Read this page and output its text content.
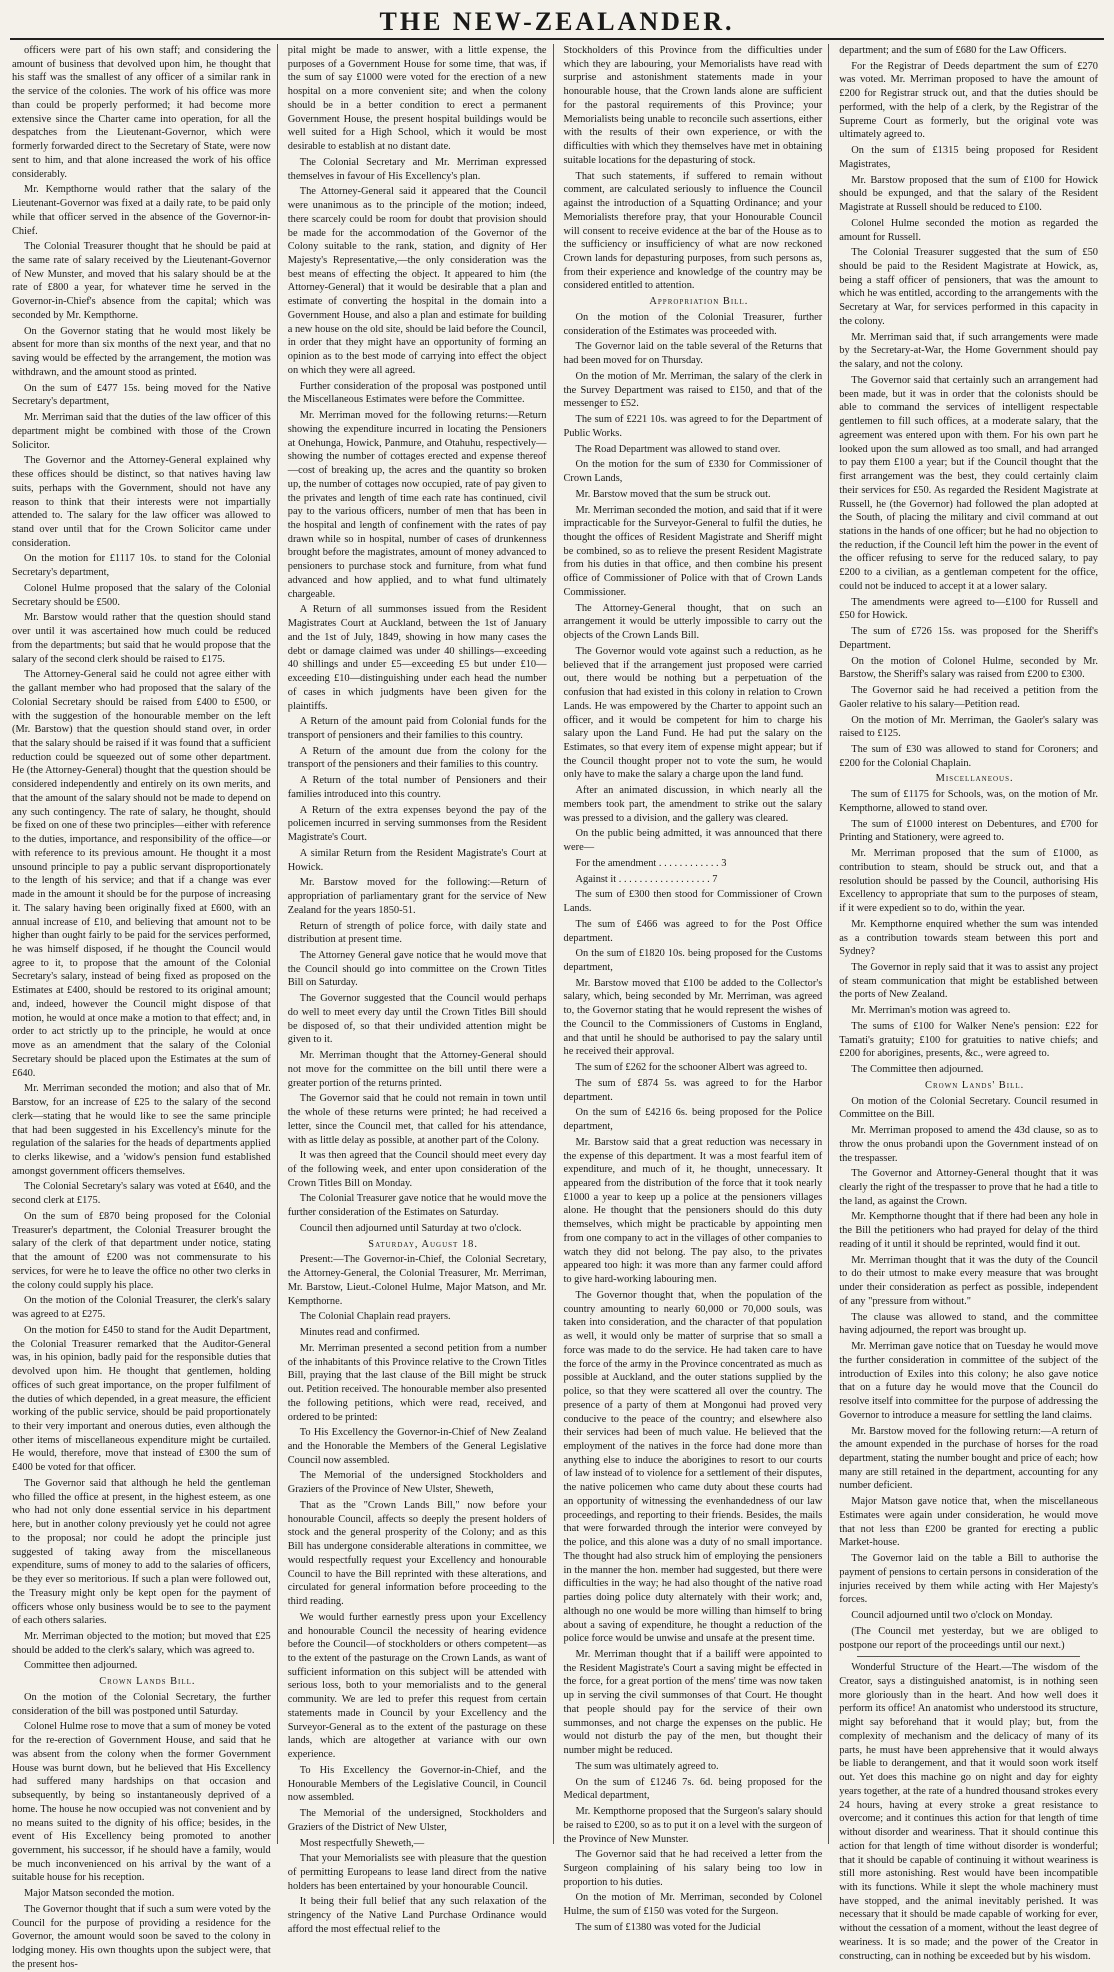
THE NEW-ZEALANDER.

officers were part of his own staff; and considering the amount of business that devolved upon him, he thought that his staff was the smallest of any officer of a similar rank in the service of the colonies. The work of his office was more than could be properly performed; it had become more extensive since the Charter came into operation, for all the despatches from the Lieutenant-Governor, which were formerly forwarded direct to the Secretary of State, were now sent to him, and that alone increased the work of his office considerably.

Mr. Kempthorne would rather that the salary of the Lieutenant-Governor was fixed at a daily rate, to be paid only while that officer served in the absence of the Governor-in-Chief.

The Colonial Treasurer thought that he should be paid at the same rate of salary received by the Lieutenant-Governor of New Munster, and moved that his salary should be at the rate of £800 a year, for whatever time he served in the Governor-in-Chief's absence from the capital; which was seconded by Mr. Kempthorne.

On the Governor stating that he would most likely be absent for more than six months of the next year, and that no saving would be effected by the arrangement, the motion was withdrawn, and the amount stood as printed.

On the sum of £477 15s. being moved for the Native Secretary's department,

Mr. Merriman said that the duties of the law officer of this department might be combined with those of the Crown Solicitor.

The Governor and the Attorney-General explained why these offices should be distinct, so that natives having law suits, perhaps with the Government, should not have any reason to think that their interests were not impartially attended to. The salary for the law officer was allowed to stand over until that for the Crown Solicitor came under consideration.

On the motion for £1117 10s. to stand for the Colonial Secretary's department,

Colonel Hulme proposed that the salary of the Colonial Secretary should be £500.

Mr. Barstow would rather that the question should stand over until it was ascertained how much could be reduced from the departments; but said that he would propose that the salary of the second clerk should be raised to £175.

The Attorney-General said he could not agree either with the gallant member who had proposed that the salary of the Colonial Secretary should be raised from £400 to £500, or with the suggestion of the honourable member on the left (Mr. Barstow) that the question should stand over, in order that the salary should be raised if it was found that a sufficient reduction could be squeezed out of some other department. He (the Attorney-General) thought that the question should be considered independently and entirely on its own merits, and that the amount of the salary should not be made to depend on any such contingency. The rate of salary, he thought, should be fixed on one of these two principles—either with reference to the duties, importance, and responsibility of the office—or with reference to its previous amount. He thought it a most unsound principle to pay a public servant disproportionately to the length of his service; and that if a change was ever made in the amount it should be for the purpose of increasing it. The salary having been originally fixed at £600, with an annual increase of £10, and believing that amount not to be higher than ought fairly to be paid for the services performed, he was himself disposed, if he thought the Council would agree to it, to propose that the amount of the Colonial Secretary's salary, instead of being fixed as proposed on the Estimates at £400, should be restored to its original amount; and, indeed, however the Council might dispose of that motion, he would at once make a motion to that effect; and, in order to act strictly up to the principle, he would at once move as an amendment that the salary of the Colonial Secretary should be placed upon the Estimates at the sum of £640.

Mr. Merriman seconded the motion; and also that of Mr. Barstow, for an increase of £25 to the salary of the second clerk—stating that he would like to see the same principle that had been suggested in his Excellency's minute for the regulation of the salaries for the heads of departments applied to clerks likewise, and a 'widow's pension fund established amongst government officers themselves.

The Colonial Secretary's salary was voted at £640, and the second clerk at £175.

On the sum of £870 being proposed for the Colonial Treasurer's department, the Colonial Treasurer brought the salary of the clerk of that department under notice, stating that the amount of £200 was not commensurate to his services, for were he to leave the office no other two clerks in the colony could supply his place.

On the motion of the Colonial Treasurer, the clerk's salary was agreed to at £275.

On the motion for £450 to stand for the Audit Department, the Colonial Treasurer remarked that the Auditor-General was, in his opinion, badly paid for the responsible duties that devolved upon him. He thought that gentlemen, holding offices of such great importance, on the proper fulfilment of the duties of which depended, in a great measure, the efficient working of the public service, should be paid proportionately to their very important and onerous duties, even although the other items of miscellaneous expenditure might be curtailed. He would, therefore, move that instead of £300 the sum of £400 be voted for that officer.

The Governor said that although he held the gentleman who filled the office at present, in the highest esteem, as one who had not only done essential service in his department here, but in another colony previously yet he could not agree to the proposal; nor could he adopt the principle just suggested of taking away from the miscellaneous expenditure, sums of money to add to the salaries of officers, be they ever so meritorious. If such a plan were followed out, the Treasury might only be kept open for the payment of officers whose only business would be to see to the payment of each others salaries.

Mr. Merriman objected to the motion; but moved that £25 should be added to the clerk's salary, which was agreed to.

Committee then adjourned.

Crown Lands Bill.

On the motion of the Colonial Secretary, the further consideration of the bill was postponed until Saturday.

Colonel Hulme rose to move that a sum of money be voted for the re-erection of Government House, and said that he was absent from the colony when the former Government House was burnt down, but he believed that His Excellency had suffered many hardships on that occasion and subsequently, by being so instantaneously deprived of a home. The house he now occupied was not convenient and by no means suited to the dignity of his office; besides, in the event of His Excellency being promoted to another government, his successor, if he should have a family, would be much inconvenienced on his arrival by the want of a suitable house for his reception.

Major Matson seconded the motion.

The Governor thought that if such a sum were voted by the Council for the purpose of providing a residence for the Governor, the amount would soon be saved to the colony in lodging money. His own thoughts upon the subject were, that the present hos-

pital might be made to answer, with a little expense, the purposes of a Government House for some time, that was, if the sum of say £1000 were voted for the erection of a new hospital on a more convenient site; and when the colony should be in a better condition to erect a permanent Government House, the present hospital buildings would be well suited for a High School, which it would be most desirable to establish at no distant date.

The Colonial Secretary and Mr. Merriman expressed themselves in favour of His Excellency's plan.

The Attorney-General said it appeared that the Council were unanimous as to the principle of the motion; indeed, there scarcely could be room for doubt that provision should be made for the accommodation of the Governor of the Colony suitable to the rank, station, and dignity of Her Majesty's Representative,—the only consideration was the best means of effecting the object. It appeared to him (the Attorney-General) that it would be desirable that a plan and estimate of converting the hospital in the domain into a Government House, and also a plan and estimate for building a new house on the old site, should be laid before the Council, in order that they might have an opportunity of forming an opinion as to the best mode of carrying into effect the object on which they were all agreed.

Further consideration of the proposal was postponed until the Miscellaneous Estimates were before the Committee.

Mr. Merriman moved for the following returns:—Return showing the expenditure incurred in locating the Pensioners at Onehunga, Howick, Panmure, and Otahuhu, respectively—showing the number of cottages erected and expense thereof—cost of breaking up, the acres and the quantity so broken up, the number of cottages now occupied, rate of pay given to the privates and length of time each rate has continued, civil pay to the various officers, number of men that has been in the hospital and length of confinement with the rates of pay drawn while so in hospital, number of cases of drunkenness brought before the magistrates, amount of money advanced to pensioners to purchase stock and furniture, from what fund advanced and how applied, and to what fund ultimately chargeable.

A Return of all summonses issued from the Resident Magistrates Court at Auckland, between the 1st of January and the 1st of July, 1849, showing in how many cases the debt or damage claimed was under 40 shillings—exceeding 40 shillings and under £5—exceeding £5 but under £10—exceeding £10—distinguishing under each head the number of cases in which judgments have been given for the plaintiffs.

A Return of the amount paid from Colonial funds for the transport of pensioners and their families to this country.

A Return of the amount due from the colony for the transport of the pensioners and their families to this country.

A Return of the total number of Pensioners and their families introduced into this country.

A Return of the extra expenses beyond the pay of the policemen incurred in serving summonses from the Resident Magistrate's Court.

A similar Return from the Resident Magistrate's Court at Howick.

Mr. Barstow moved for the following:—Return of appropriation of parliamentary grant for the service of New Zealand for the years 1850-51.

Return of strength of police force, with daily state and distribution at present time.

The Attorney General gave notice that he would move that the Council should go into committee on the Crown Titles Bill on Saturday.

The Governor suggested that the Council would perhaps do well to meet every day until the Crown Titles Bill should be disposed of, so that their undivided attention might be given to it.

Mr. Merriman thought that the Attorney-General should not move for the committee on the bill until there were a greater portion of the returns printed.

The Governor said that he could not remain in town until the whole of these returns were printed; he had received a letter, since the Council met, that called for his attendance, with as little delay as possible, at another part of the Colony.

It was then agreed that the Council should meet every day of the following week, and enter upon consideration of the Crown Titles Bill on Monday.

The Colonial Treasurer gave notice that he would move the further consideration of the Estimates on Saturday.

Council then adjourned until Saturday at two o'clock.

Saturday, August 18.

Present:—The Governor-in-Chief, the Colonial Secretary, the Attorney-General, the Colonial Treasurer, Mr. Merriman, Mr. Barstow, Lieut.-Colonel Hulme, Major Matson, and Mr. Kempthorne.

The Colonial Chaplain read prayers.

Minutes read and confirmed.

Mr. Merriman presented a second petition from a number of the inhabitants of this Province relative to the Crown Titles Bill, praying that the last clause of the Bill might be struck out. Petition received. The honourable member also presented the following petitions, which were read, received, and ordered to be printed:

To His Excellency the Governor-in-Chief of New Zealand and the Honorable the Members of the General Legislative Council now assembled.

The Memorial of the undersigned Stockholders and Graziers of the Province of New Ulster, Sheweth,

That as the "Crown Lands Bill," now before your honourable Council, affects so deeply the present holders of stock and the general prosperity of the Colony; and as this Bill has undergone considerable alterations in committee, we would respectfully request your Excellency and honourable Council to have the Bill reprinted with these alterations, and circulated for general information before proceeding to the third reading.

We would further earnestly press upon your Excellency and honourable Council the necessity of hearing evidence before the Council—of stockholders or others competent—as to the extent of the pasturage on the Crown Lands, as want of sufficient information on this subject will be attended with serious loss, both to your memorialists and to the general community. We are led to prefer this request from certain statements made in Council by your Excellency and the Surveyor-General as to the extent of the pasturage on these lands, which are altogether at variance with our own experience.

To His Excellency the Governor-in-Chief, and the Honourable Members of the Legislative Council, in Council now assembled.

The Memorial of the undersigned, Stockholders and Graziers of the District of New Ulster,

Most respectfully Sheweth,—

That your Memorialists see with pleasure that the question of permitting Europeans to lease land direct from the native holders has been entertained by your honourable Council.

It being their full belief that any such relaxation of the stringency of the Native Land Purchase Ordinance would afford the most effectual relief to the

Stockholders of this Province from the difficulties under which they are labouring, your Memorialists have read with surprise and astonishment statements made in your honourable house, that the Crown lands alone are sufficient for the pastoral requirements of this Province; your Memorialists being unable to reconcile such assertions, either with the results of their own experience, or with the difficulties with which they themselves have met in obtaining suitable locations for the depasturing of stock.

That such statements, if suffered to remain without comment, are calculated seriously to influence the Council against the introduction of a Squatting Ordinance; and your Memorialists therefore pray, that your Honourable Council will consent to receive evidence at the bar of the House as to the sufficiency or insufficiency of what are now reckoned Crown lands for depasturing purposes, from such persons as, from their experience and knowledge of the country may be considered entitled to attention.

Appropriation Bill.

On the motion of the Colonial Treasurer, further consideration of the Estimates was proceeded with.

The Governor laid on the table several of the Returns that had been moved for on Thursday.

On the motion of Mr. Merriman, the salary of the clerk in the Survey Department was raised to £150, and that of the messenger to £52.

The sum of £221 10s. was agreed to for the Department of Public Works.

The Road Department was allowed to stand over.

On the motion for the sum of £330 for Commissioner of Crown Lands,

Mr. Barstow moved that the sum be struck out.

Mr. Merriman seconded the motion, and said that if it were impracticable for the Surveyor-General to fulfil the duties, he thought the offices of Resident Magistrate and Sheriff might be combined, so as to relieve the present Resident Magistrate from his duties in that office, and then combine his present office of Commissioner of Police with that of Crown Lands Commissioner.

The Attorney-General thought, that on such an arrangement it would be utterly impossible to carry out the objects of the Crown Lands Bill.

The Governor would vote against such a reduction, as he believed that if the arrangement just proposed were carried out, there would be nothing but a perpetuation of the confusion that had existed in this colony in relation to Crown Lands. He was empowered by the Charter to appoint such an officer, and it would be competent for him to charge his salary upon the Land Fund. He had put the salary on the Estimates, so that every item of expense might appear; but if the Council thought proper not to vote the sum, he would only have to make the salary a charge upon the land fund.

After an animated discussion, in which nearly all the members took part, the amendment to strike out the salary was pressed to a division, and the gallery was cleared.

On the public being admitted, it was announced that there were—

For the amendment . . . . . . . . . . . . 3

Against it . . . . . . . . . . . . . . . . . . 7

The sum of £300 then stood for Commissioner of Crown Lands.

The sum of £466 was agreed to for the Post Office department.

On the sum of £1820 10s. being proposed for the Customs department,

Mr. Barstow moved that £100 be added to the Collector's salary, which, being seconded by Mr. Merriman, was agreed to, the Governor stating that he would represent the wishes of the Council to the Commissioners of Customs in England, and that until he should be authorised to pay the salary until he received their approval.

The sum of £262 for the schooner Albert was agreed to.

The sum of £874 5s. was agreed to for the Harbor department.

On the sum of £4216 6s. being proposed for the Police department,

Mr. Barstow said that a great reduction was necessary in the expense of this department. It was a most fearful item of expenditure, and much of it, he thought, unnecessary. It appeared from the distribution of the force that it took nearly £1000 a year to keep up a police at the pensioners villages alone. He thought that the pensioners should do this duty themselves, which might be practicable by appointing men from one company to act in the villages of other companies to watch they did not belong. The pay also, to the privates appeared too high: it was more than any farmer could afford to give hard-working labouring men.

The Governor thought that, when the population of the country amounting to nearly 60,000 or 70,000 souls, was taken into consideration, and the character of that population as well, it would only be matter of surprise that so small a force was made to do the service. He had taken care to have the force of the army in the Province concentrated as much as possible at Auckland, and the outer stations supplied by the police, so that they were scattered all over the country. The presence of a party of them at Mongonui had proved very conducive to the peace of the country; and elsewhere also their services had been of much value. He believed that the employment of the natives in the force had done more than anything else to induce the aborigines to resort to our courts of law instead of to violence for a settlement of their disputes, the native policemen who came duty about these courts had an opportunity of witnessing the evenhandedness of our law proceedings, and reporting to their friends. Besides, the mails that were forwarded through the interior were conveyed by the police, and this alone was a duty of no small importance. The thought had also struck him of employing the pensioners in the manner the hon. member had suggested, but there were difficulties in the way; he had also thought of the native road parties doing police duty alternately with their work; and, although no one would be more willing than himself to bring about a saving of expenditure, he thought a reduction of the police force would be unwise and unsafe at the present time.

Mr. Merriman thought that if a bailiff were appointed to the Resident Magistrate's Court a saving might be effected in the force, for a great portion of the mens' time was now taken up in serving the civil summonses of that Court. He thought that people should pay for the service of their own summonses, and not charge the expenses on the public. He would not disturb the pay of the men, but thought their number might be reduced.

The sum was ultimately agreed to.

On the sum of £1246 7s. 6d. being proposed for the Medical department,

Mr. Kempthorne proposed that the Surgeon's salary should be raised to £200, so as to put it on a level with the surgeon of the Province of New Munster.

The Governor said that he had received a letter from the Surgeon complaining of his salary being too low in proportion to his duties.

On the motion of Mr. Merriman, seconded by Colonel Hulme, the sum of £150 was voted for the Surgeon.

The sum of £1380 was voted for the Judicial

department; and the sum of £680 for the Law Officers.

For the Registrar of Deeds department the sum of £270 was voted. Mr. Merriman proposed to have the amount of £200 for Registrar struck out, and that the duties should be performed, with the help of a clerk, by the Registrar of the Supreme Court as formerly, but the original vote was ultimately agreed to.

On the sum of £1315 being proposed for Resident Magistrates,

Mr. Barstow proposed that the sum of £100 for Howick should be expunged, and that the salary of the Resident Magistrate at Russell should be reduced to £100.

Colonel Hulme seconded the motion as regarded the amount for Russell.

The Colonial Treasurer suggested that the sum of £50 should be paid to the Resident Magistrate at Howick, as, being a staff officer of pensioners, that was the amount to which he was entitled, according to the arrangements with the Secretary at War, for services performed in this capacity in the colony.

Mr. Merriman said that, if such arrangements were made by the Secretary-at-War, the Home Government should pay the salary, and not the colony.

The Governor said that certainly such an arrangement had been made, but it was in order that the colonists should be able to command the services of intelligent respectable gentlemen to fill such offices, at a moderate salary, that the agreement was entered upon with them. For his own part he looked upon the sum allowed as too small, and had arranged to pay them £100 a year; but if the Council thought that the first arrangement was the best, they could certainly claim their services for £50. As regarded the Resident Magistrate at Russell, he (the Governor) had followed the plan adopted at the South, of placing the military and civil command at out stations in the hands of one officer; but he had no objection to the reduction, if the Council left him the power in the event of the officer refusing to serve for the reduced salary, to pay £200 to a civilian, as a gentleman competent for the office, could not be induced to accept it at a lower salary.

The amendments were agreed to—£100 for Russell and £50 for Howick.

The sum of £726 15s. was proposed for the Sheriff's Department.

On the motion of Colonel Hulme, seconded by Mr. Barstow, the Sheriff's salary was raised from £200 to £300.

The Governor said he had received a petition from the Gaoler relative to his salary—Petition read.

On the motion of Mr. Merriman, the Gaoler's salary was raised to £125.

The sum of £30 was allowed to stand for Coroners; and £200 for the Colonial Chaplain.

Miscellaneous.

The sum of £1175 for Schools, was, on the motion of Mr. Kempthorne, allowed to stand over.

The sum of £1000 interest on Debentures, and £700 for Printing and Stationery, were agreed to.

Mr. Merriman proposed that the sum of £1000, as contribution to steam, should be struck out, and that a resolution should be passed by the Council, authorising His Excellency to appropriate that sum to the purposes of steam, if it were expedient so to do, within the year.

Mr. Kempthorne enquired whether the sum was intended as a contribution towards steam between this port and Sydney?

The Governor in reply said that it was to assist any project of steam communication that might be established between the ports of New Zealand.

Mr. Merriman's motion was agreed to.

The sums of £100 for Walker Nene's pension: £22 for Tamati's gratuity; £100 for gratuities to native chiefs; and £200 for aborigines, presents, &c., were agreed to.

The Committee then adjourned.

Crown Lands' Bill.

On motion of the Colonial Secretary. Council resumed in Committee on the Bill.

Mr. Merriman proposed to amend the 43d clause, so as to throw the onus probandi upon the Government instead of on the trespasser.

The Governor and Attorney-General thought that it was clearly the right of the trespasser to prove that he had a title to the land, as against the Crown.

Mr. Kempthorne thought that if there had been any hole in the Bill the petitioners who had prayed for delay of the third reading of it until it should be reprinted, would find it out.

Mr. Merriman thought that it was the duty of the Council to do their utmost to make every measure that was brought under their consideration as perfect as possible, independent of any "pressure from without."

The clause was allowed to stand, and the committee having adjourned, the report was brought up.

Mr. Merriman gave notice that on Tuesday he would move the further consideration in committee of the subject of the introduction of Exiles into this colony; he also gave notice that on a future day he would move that the Council do resolve itself into committee for the purpose of addressing the Governor to introduce a measure for settling the land claims.

Mr. Barstow moved for the following return:—A return of the amount expended in the purchase of horses for the road department, stating the number bought and price of each; how many are still retained in the department, accounting for any number deficient.

Major Matson gave notice that, when the miscellaneous Estimates were again under consideration, he would move that not less than £200 be granted for erecting a public Market-house.

The Governor laid on the table a Bill to authorise the payment of pensions to certain persons in consideration of the injuries received by them while acting with Her Majesty's forces.

Council adjourned until two o'clock on Monday.

(The Council met yesterday, but we are obliged to postpone our report of the proceedings until our next.)

Wonderful Structure of the Heart.—The wisdom of the Creator, says a distinguished anatomist, is in nothing seen more gloriously than in the heart. And how well does it perform its office! An anatomist who understood its structure, might say beforehand that it would play; but, from the complexity of mechanism and the delicacy of many of its parts, he must have been apprehensive that it would always be liable to derangement, and that it would soon work itself out. Yet does this machine go on night and day for eighty years together, at the rate of a hundred thousand strokes every 24 hours, having at every stroke a great resistance to overcome; and it continues this action for that length of time without disorder and weariness. That it should continue this action for that length of time without disorder is wonderful; that it should be capable of continuing it without weariness is still more astonishing. Rest would have been incompatible with its functions. While it slept the whole machinery must have stopped, and the animal inevitably perished. It was necessary that it should be made capable of working for ever, without the cessation of a moment, without the least degree of weariness. It is so made; and the power of the Creator in constructing, can in nothing be exceeded but by his wisdom.
